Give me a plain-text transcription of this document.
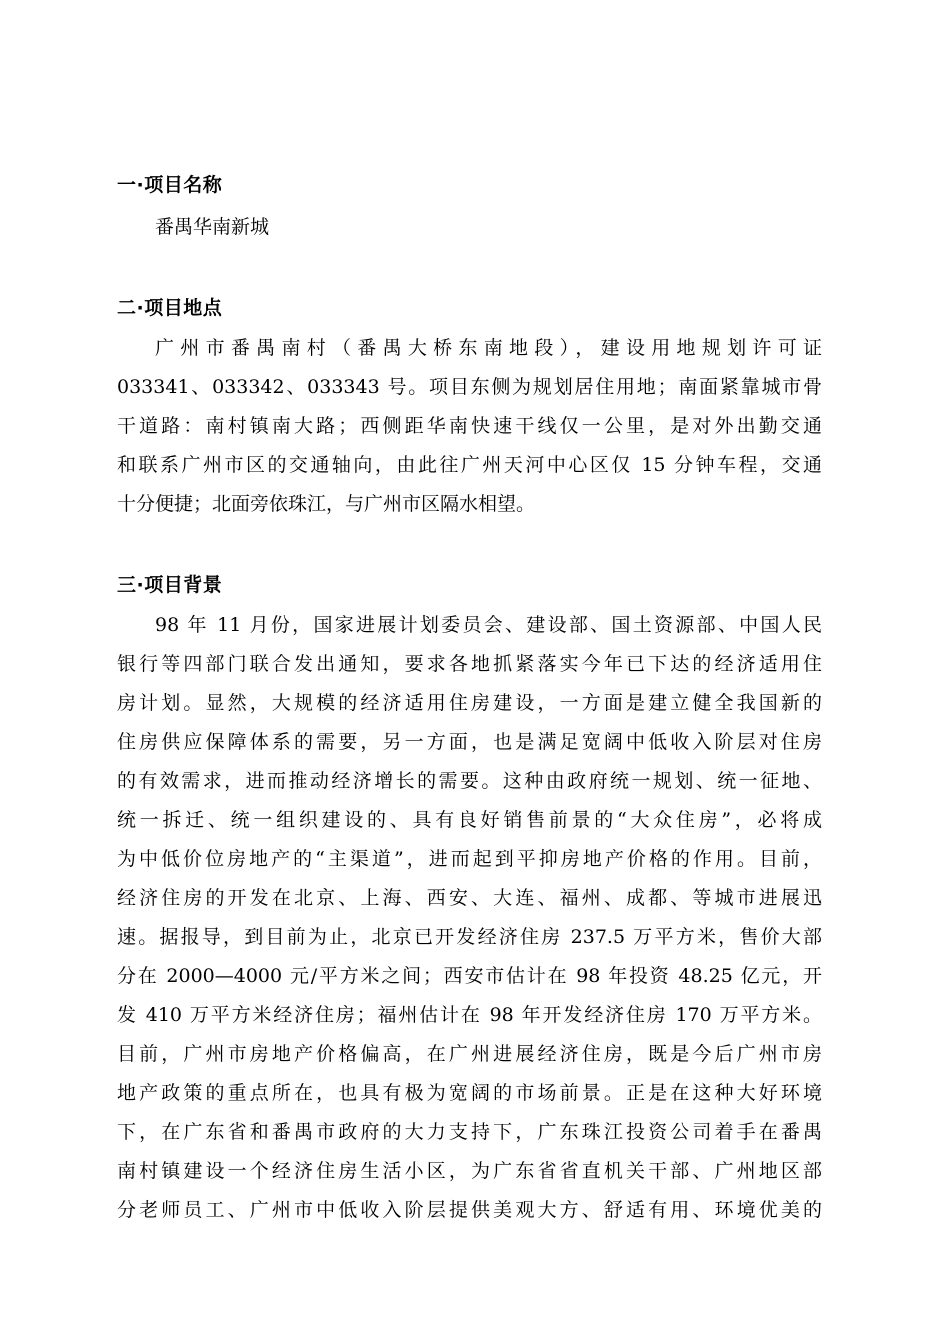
一·项目名称
番禺华南新城
二·项目地点
广州市番禺南村（番禺大桥东南地段），建设用地规划许可证
033341、033342、033343 号。项目东侧为规划居住用地；南面紧靠城市骨
干道路：南村镇南大路；西侧距华南快速干线仅一公里，是对外出勤交通
和联系广州市区的交通轴向，由此往广州天河中心区仅 15 分钟车程，交通
十分便捷；北面旁依珠江，与广州市区隔水相望。
三·项目背景
98 年 11 月份，国家进展计划委员会、建设部、国土资源部、中国人民
银行等四部门联合发出通知，要求各地抓紧落实今年已下达的经济适用住
房计划。显然，大规模的经济适用住房建设，一方面是建立健全我国新的
住房供应保障体系的需要，另一方面，也是满足宽阔中低收入阶层对住房
的有效需求，进而推动经济增长的需要。这种由政府统一规划、统一征地、
统一拆迁、统一组织建设的、具有良好销售前景的“大众住房”，必将成
为中低价位房地产的“主渠道”，进而起到平抑房地产价格的作用。目前，
经济住房的开发在北京、上海、西安、大连、福州、成都、等城市进展迅
速。据报导，到目前为止，北京已开发经济住房 237.5 万平方米，售价大部
分在 2000—4000 元/平方米之间；西安市估计在 98 年投资 48.25 亿元，开
发 410 万平方米经济住房；福州估计在 98 年开发经济住房 170 万平方米。
目前，广州市房地产价格偏高，在广州进展经济住房，既是今后广州市房
地产政策的重点所在，也具有极为宽阔的市场前景。正是在这种大好环境
下，在广东省和番禺市政府的大力支持下，广东珠江投资公司着手在番禺
南村镇建设一个经济住房生活小区，为广东省省直机关干部、广州地区部
分老师员工、广州市中低收入阶层提供美观大方、舒适有用、环境优美的
